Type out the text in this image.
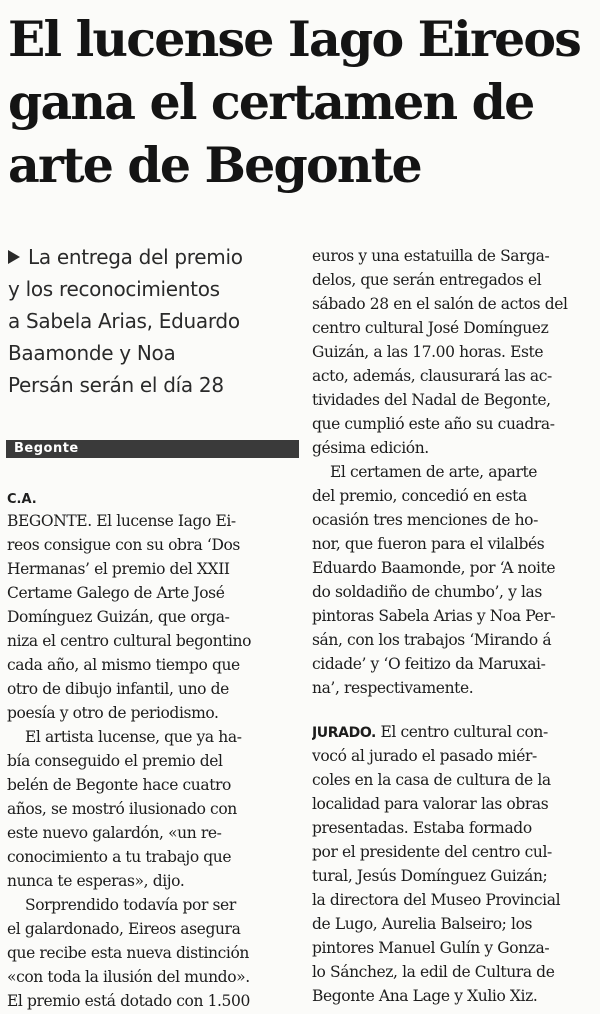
El lucense Iago Eireos
gana el certamen de
arte de Begonte
La entrega del premio
y los reconocimientos
a Sabela Arias, Eduardo
Baamonde y Noa
Persán serán el día 28
Begonte
C.A.
BEGONTE. El lucense Iago Ei-
reos consigue con su obra ‘Dos
Hermanas’ el premio del XXII
Certame Galego de Arte José
Domínguez Guizán, que orga-
niza el centro cultural begontino
cada año, al mismo tiempo que
otro de dibujo infantil, uno de
poesía y otro de periodismo.
El artista lucense, que ya ha-
bía conseguido el premio del
belén de Begonte hace cuatro
años, se mostró ilusionado con
este nuevo galardón, «un re-
conocimiento a tu trabajo que
nunca te esperas», dijo.
Sorprendido todavía por ser
el galardonado, Eireos asegura
que recibe esta nueva distinción
«con toda la ilusión del mundo».
El premio está dotado con 1.500
euros y una estatuilla de Sarga-
delos, que serán entregados el
sábado 28 en el salón de actos del
centro cultural José Domínguez
Guizán, a las 17.00 horas. Este
acto, además, clausurará las ac-
tividades del Nadal de Begonte,
que cumplió este año su cuadra-
gésima edición.
El certamen de arte, aparte
del premio, concedió en esta
ocasión tres menciones de ho-
nor, que fueron para el vilalbés
Eduardo Baamonde, por ‘A noite
do soldadiño de chumbo’, y las
pintoras Sabela Arias y Noa Per-
sán, con los trabajos ‘Mirando á
cidade’ y ‘O feitizo da Maruxai-
na’, respectivamente.
JURADO. El centro cultural con-
vocó al jurado el pasado miér-
coles en la casa de cultura de la
localidad para valorar las obras
presentadas. Estaba formado
por el presidente del centro cul-
tural, Jesús Domínguez Guizán;
la directora del Museo Provincial
de Lugo, Aurelia Balseiro; los
pintores Manuel Gulín y Gonza-
lo Sánchez, la edil de Cultura de
Begonte Ana Lage y Xulio Xiz.
